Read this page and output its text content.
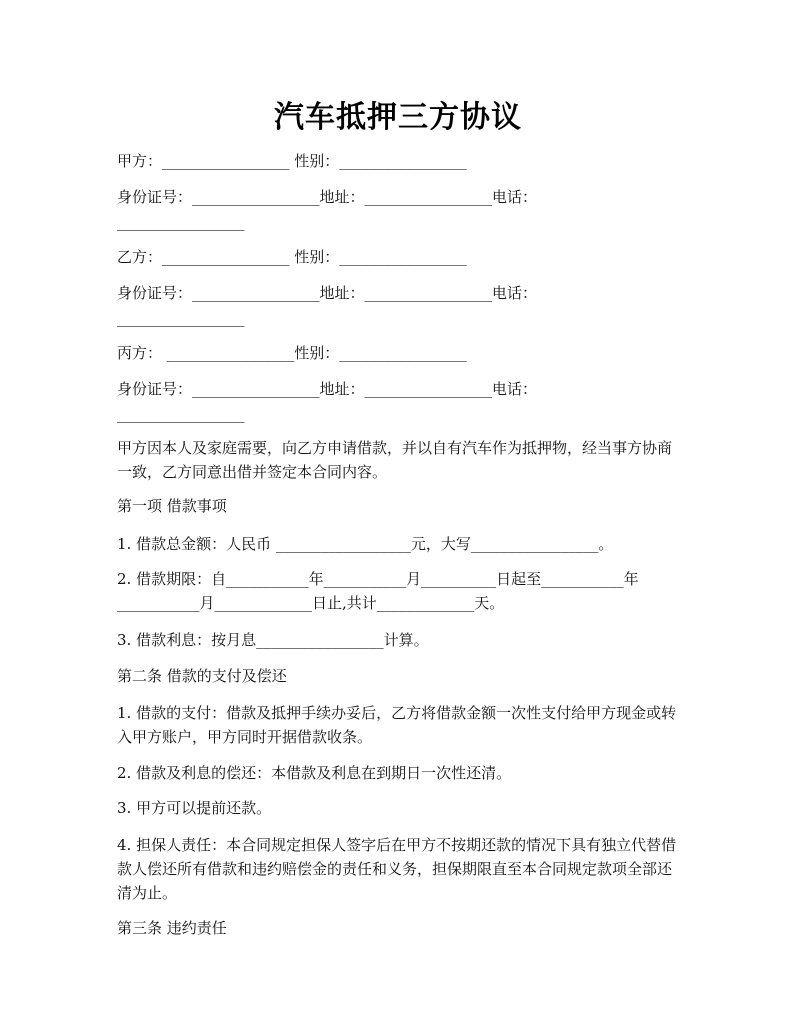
汽车抵押三方协议
甲方：_________________ 性别：_________________
身份证号：_________________地址：_________________电话：
_________________
乙方：_________________ 性别：_________________
身份证号：_________________地址：_________________电话：
_________________
丙方： _________________性别：_________________
身份证号：_________________地址：_________________电话：
_________________
甲方因本人及家庭需要，向乙方申请借款，并以自有汽车作为抵押物，经当事方协商一致，乙方同意出借并签定本合同内容。
第一项 借款事项
1. 借款总金额：人民币 __________________元，大写_________________。
2. 借款期限：自___________年___________月__________日起至___________年___________月_____________日止,共计_____________天。
3. 借款利息：按月息_________________计算。
第二条 借款的支付及偿还
1. 借款的支付：借款及抵押手续办妥后，乙方将借款金额一次性支付给甲方现金或转入甲方账户，甲方同时开据借款收条。
2. 借款及利息的偿还：本借款及利息在到期日一次性还清。
3. 甲方可以提前还款。
4. 担保人责任：本合同规定担保人签字后在甲方不按期还款的情况下具有独立代替借款人偿还所有借款和违约赔偿金的责任和义务，担保期限直至本合同规定款项全部还清为止。
第三条 违约责任
